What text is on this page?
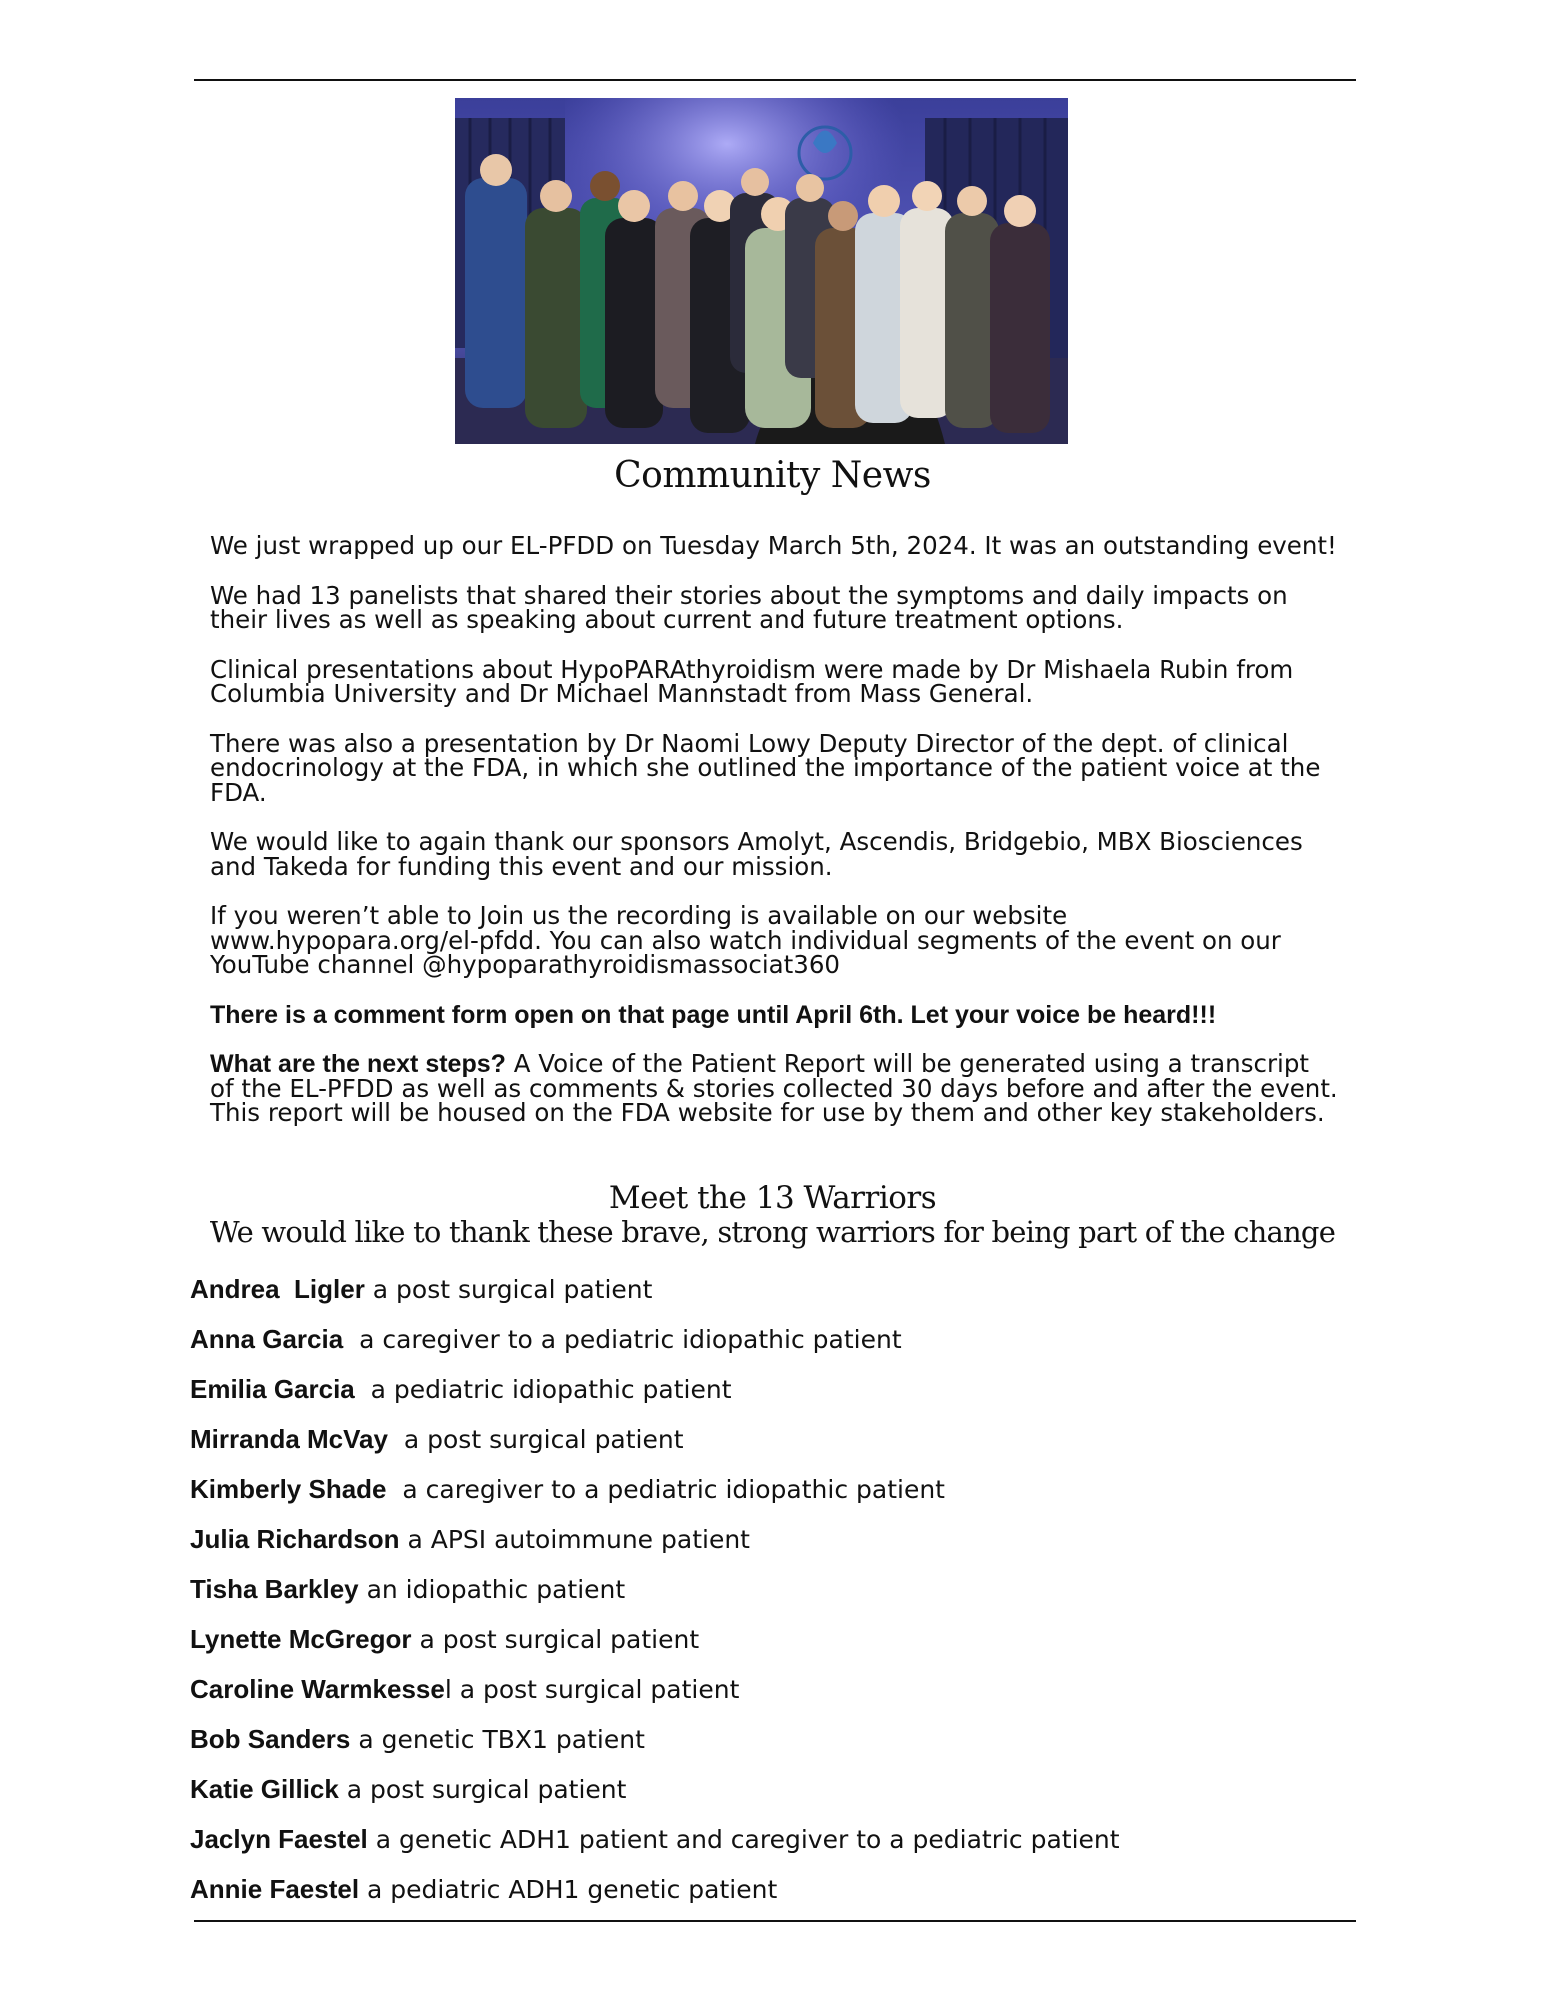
Community News

We just wrapped up our EL-PFDD on Tuesday March 5th, 2024. It was an outstanding event!

We had 13 panelists that shared their stories about the symptoms and daily impacts on their lives as well as speaking about current and future treatment options.

Clinical presentations about HypoPARAthyroidism were made by Dr Mishaela Rubin from Columbia University and Dr Michael Mannstadt from Mass General.

There was also a presentation by Dr Naomi Lowy Deputy Director of the dept. of clinical endocrinology at the FDA, in which she outlined the importance of the patient voice at the FDA.

We would like to again thank our sponsors Amolyt, Ascendis, Bridgebio, MBX Biosciences and Takeda for funding this event and our mission.

If you weren’t able to Join us the recording is available on our website www.hypopara.org/el-pfdd. You can also watch individual segments of the event on our YouTube channel @hypoparathyroidismassociat360

There is a comment form open on that page until April 6th. Let your voice be heard!!!

What are the next steps? A Voice of the Patient Report will be generated using a transcript of the EL-PFDD as well as comments & stories collected 30 days before and after the event. This report will be housed on the FDA website for use by them and other key stakeholders.

Meet the 13 Warriors
We would like to thank these brave, strong warriors for being part of the change
Andrea  Ligler a post surgical patient
Anna Garcia  a caregiver to a pediatric idiopathic patient
Emilia Garcia  a pediatric idiopathic patient
Mirranda McVay  a post surgical patient
Kimberly Shade  a caregiver to a pediatric idiopathic patient
Julia Richardson a APSI autoimmune patient
Tisha Barkley an idiopathic patient
Lynette McGregor a post surgical patient
Caroline Warmkessel a post surgical patient
Bob Sanders a genetic TBX1 patient
Katie Gillick a post surgical patient
Jaclyn Faestel a genetic ADH1 patient and caregiver to a pediatric patient
Annie Faestel a pediatric ADH1 genetic patient
